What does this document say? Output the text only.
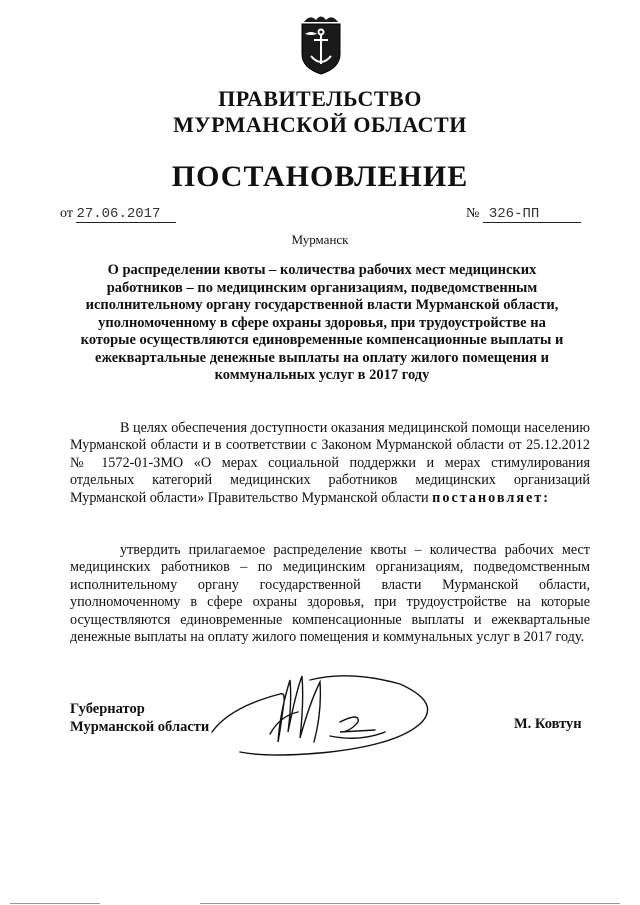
ПРАВИТЕЛЬСТВО
МУРМАНСКОЙ ОБЛАСТИ
ПОСТАНОВЛЕНИЕ
от 27.06.2017	№ 326-ПП
Мурманск
О распределении квоты – количества рабочих мест медицинских работников – по медицинским организациям, подведомственным исполнительному органу государственной власти Мурманской области, уполномоченному в сфере охраны здоровья, при трудоустройстве на которые осуществляются единовременные компенсационные выплаты и ежеквартальные денежные выплаты на оплату жилого помещения и коммунальных услуг в 2017 году
В целях обеспечения доступности оказания медицинской помощи населению Мурманской области и в соответствии с Законом Мурманской области от 25.12.2012 № 1572-01-ЗМО «О мерах социальной поддержки и мерах стимулирования отдельных категорий медицинских работников медицинских организаций Мурманской области» Правительство Мурманской области постановляет:
утвердить прилагаемое распределение квоты – количества рабочих мест медицинских работников – по медицинским организациям, подведомственным исполнительному органу государственной власти Мурманской области, уполномоченному в сфере охраны здоровья, при трудоустройстве на которые осуществляются единовременные компенсационные выплаты и ежеквартальные денежные выплаты на оплату жилого помещения и коммунальных услуг в 2017 году.
Губернатор
Мурманской области	М. Ковтун
